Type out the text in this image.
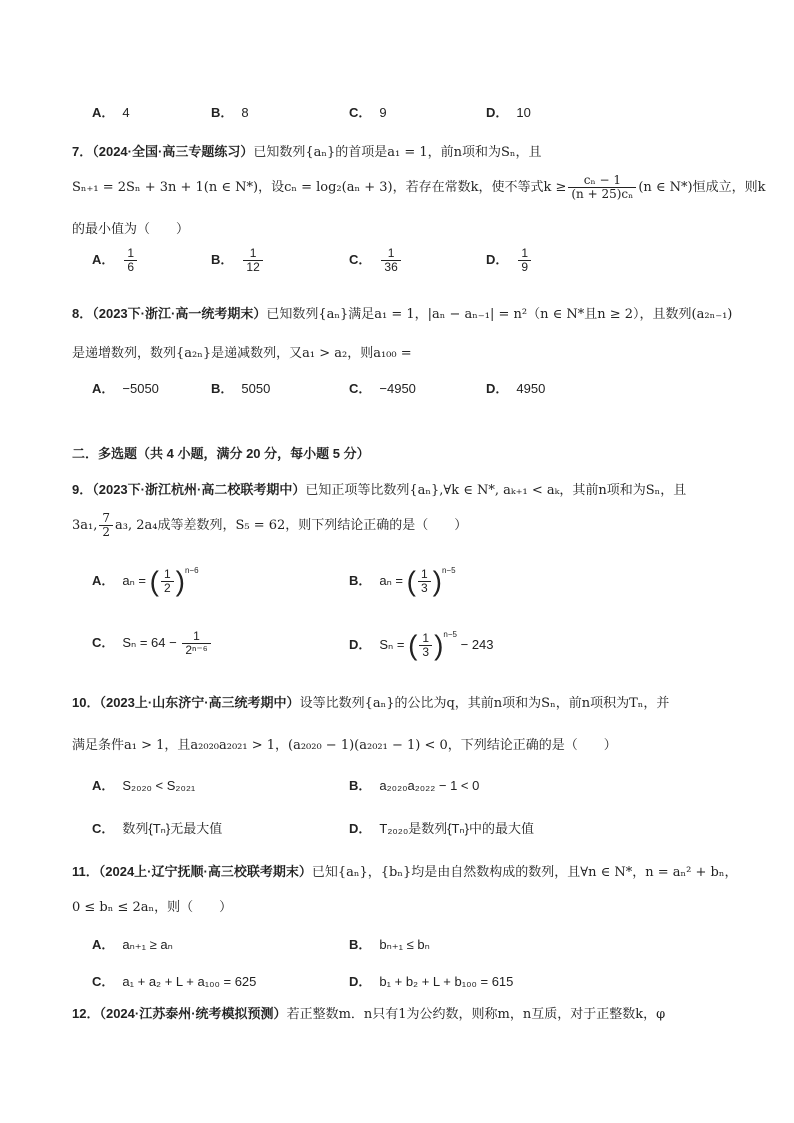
A． 4	B． 8	C． 9	D． 10
7．（2024·全国·高三专题练习）已知数列{aₙ}的首项是a₁ = 1，前n项和为Sₙ，且
Sₙ₊₁ = 2Sₙ + 3n + 1(n ∈ N*)，设cₙ = log₂(aₙ + 3)，若存在常数k，使不等式$k \ge \frac{\text{cₙ − 1}}{\text{(n + 25)cₙ}} (n$ ∈ N*)恒成立，则k
的最小值为（　　）
A． $\frac{1}{6}$	B． $\frac{1}{12}$	C． $\frac{1}{36}$	D． $\frac{1}{9}$
8．（2023下·浙江·高一统考期末）已知数列{aₙ}满足a₁ = 1，|aₙ − aₙ₋₁| = n²（n ∈ N*且n ≥ 2），且数列(a₂ₙ₋₁)
是递增数列，数列{a₂ₙ}是递减数列，又a₁ > a₂，则a₁₀₀ =
A． −5050	B． 5050	C． −4950	D． 4950
二．多选题（共 4 小题，满分 20 分，每小题 5 分）
9．（2023下·浙江杭州·高二校联考期中）已知正项等比数列{aₙ},∀k ∈ N*, aₖ₊₁ < aₖ，其前n项和为Sₙ，且
3a₁, $\frac{7}{2} a_3$, 2a₄成等差数列，S₅ = 62，则下列结论正确的是（　　）
A． aₙ = ( $\frac{1}{2} )^{n-6}$
B． aₙ = ( $\frac{1}{3} )^{n-5}$
C． $S_n = 64 - \frac{1}{\text{2ⁿ⁻⁶}}$	D． Sₙ = ( $\frac{1}{3} )^{n-5} - 243$
10．（2023上·山东济宁·高三统考期中）设等比数列{aₙ}的公比为q，其前n项和为Sₙ，前n项积为Tₙ，并
满足条件a₁ > 1，且a₂₀₂₀a₂₀₂₁ > 1，(a₂₀₂₀ − 1)(a₂₀₂₁ − 1) < 0，下列结论正确的是（　　）
A． S₂₀₂₀ < S₂₀₂₁	B． a₂₀₂₀a₂₀₂₂ − 1 < 0
C． 数列{Tₙ}无最大值	D． T₂₀₂₀是数列{Tₙ}中的最大值
11．（2024上·辽宁抚顺·高三校联考期末）已知{aₙ}，{bₙ}均是由自然数构成的数列，且∀n ∈ N*，n = aₙ² + bₙ，
0 ≤ bₙ ≤ 2aₙ，则（　　）
A． aₙ₊₁ ≥ aₙ	B． bₙ₊₁ ≤ bₙ
C． a₁ + a₂ + L + a₁₀₀ = 625	D． b₁ + b₂ + L + b₁₀₀ = 615
12．（2024·江苏泰州·统考模拟预测）若正整数m．n只有1为公约数，则称m，n互质，对于正整数k，φ
